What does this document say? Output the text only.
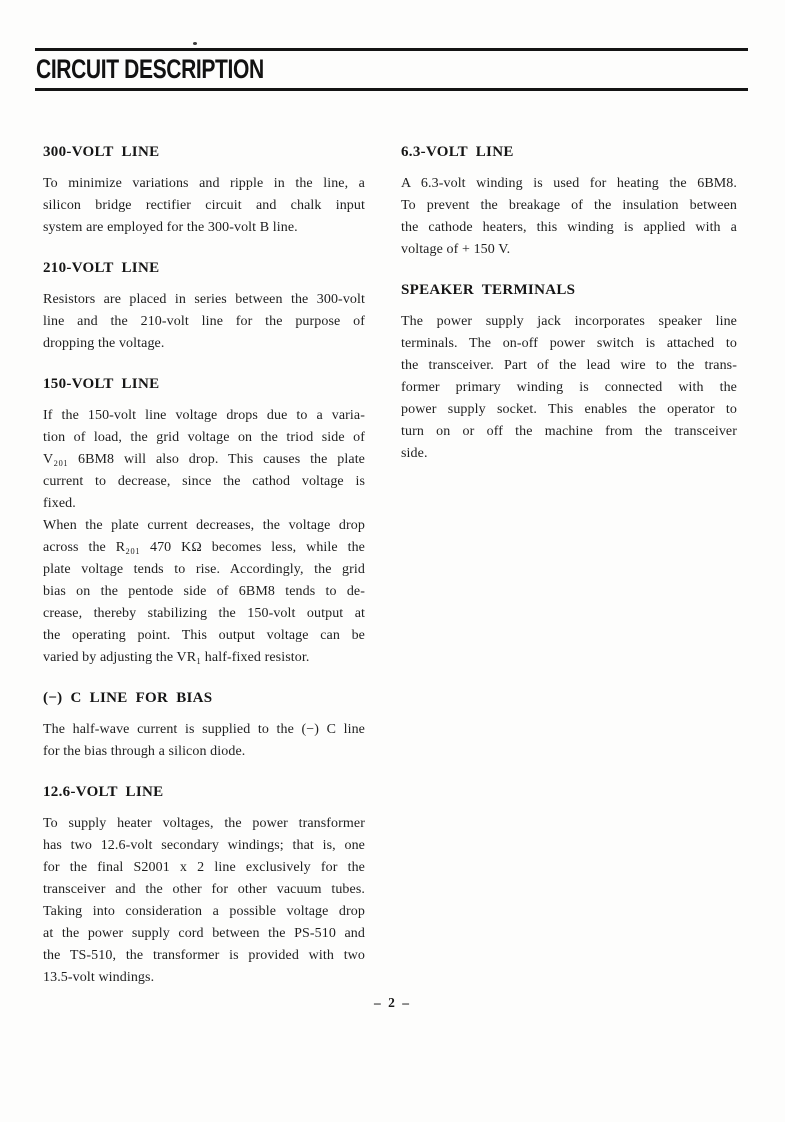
CIRCUIT DESCRIPTION
300-VOLT LINE
To minimize variations and ripple in the line, a
silicon bridge rectifier circuit and chalk input
system are employed for the 300-volt B line.
210-VOLT LINE
Resistors are placed in series between the 300-volt
line and the 210-volt line for the purpose of
dropping the voltage.
150-VOLT LINE
If the 150-volt line voltage drops due to a varia-
tion of load, the grid voltage on the triod side of
V₂₀₁ 6BM8 will also drop. This causes the plate
current to decrease, since the cathod voltage is
fixed.
When the plate current decreases, the voltage drop
across the R₂₀₁ 470 KΩ becomes less, while the
plate voltage tends to rise. Accordingly, the grid
bias on the pentode side of 6BM8 tends to de-
crease, thereby stabilizing the 150-volt output at
the operating point. This output voltage can be
varied by adjusting the VR₁ half-fixed resistor.
(−) C LINE FOR BIAS
The half-wave current is supplied to the (−) C line
for the bias through a silicon diode.
12.6-VOLT LINE
To supply heater voltages, the power transformer
has two 12.6-volt secondary windings; that is, one
for the final S2001 x 2 line exclusively for the
transceiver and the other for other vacuum tubes.
Taking into consideration a possible voltage drop
at the power supply cord between the PS-510 and
the TS-510, the transformer is provided with two
13.5-volt windings.
6.3-VOLT LINE
A 6.3-volt winding is used for heating the 6BM8.
To prevent the breakage of the insulation between
the cathode heaters, this winding is applied with a
voltage of + 150 V.
SPEAKER TERMINALS
The power supply jack incorporates speaker line
terminals. The on-off power switch is attached to
the transceiver. Part of the lead wire to the trans-
former primary winding is connected with the
power supply socket. This enables the operator to
turn on or off the machine from the transceiver
side.
– 2 –
